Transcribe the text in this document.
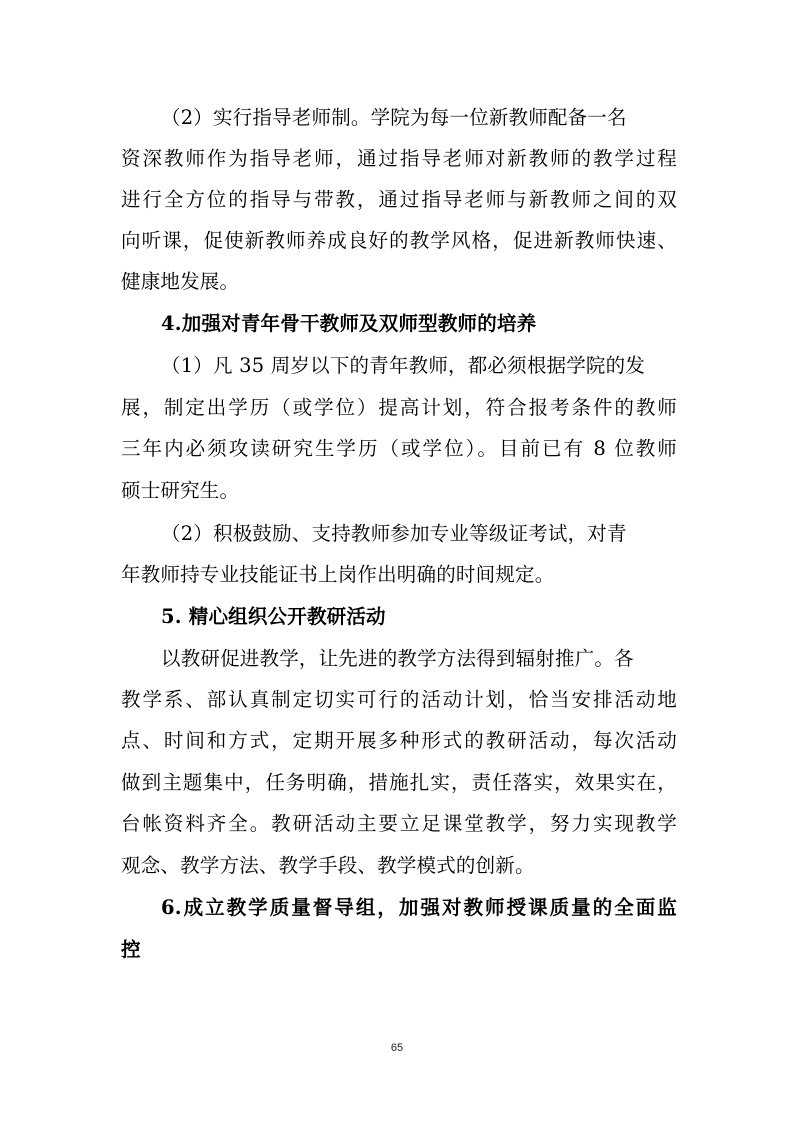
（2）实行指导老师制。学院为每一位新教师配备一名
资深教师作为指导老师，通过指导老师对新教师的教学过程
进行全方位的指导与带教，通过指导老师与新教师之间的双
向听课，促使新教师养成良好的教学风格，促进新教师快速、
健康地发展。
4.加强对青年骨干教师及双师型教师的培养
（1）凡 35 周岁以下的青年教师，都必须根据学院的发
展，制定出学历（或学位）提高计划，符合报考条件的教师
三年内必须攻读研究生学历（或学位）。目前已有 8 位教师
硕士研究生。
（2）积极鼓励、支持教师参加专业等级证考试，对青
年教师持专业技能证书上岗作出明确的时间规定。
5. 精心组织公开教研活动
以教研促进教学，让先进的教学方法得到辐射推广。各
教学系、部认真制定切实可行的活动计划，恰当安排活动地
点、时间和方式，定期开展多种形式的教研活动，每次活动
做到主题集中，任务明确，措施扎实，责任落实，效果实在，
台帐资料齐全。教研活动主要立足课堂教学，努力实现教学
观念、教学方法、教学手段、教学模式的创新。
6.成立教学质量督导组，加强对教师授课质量的全面监
控
65
